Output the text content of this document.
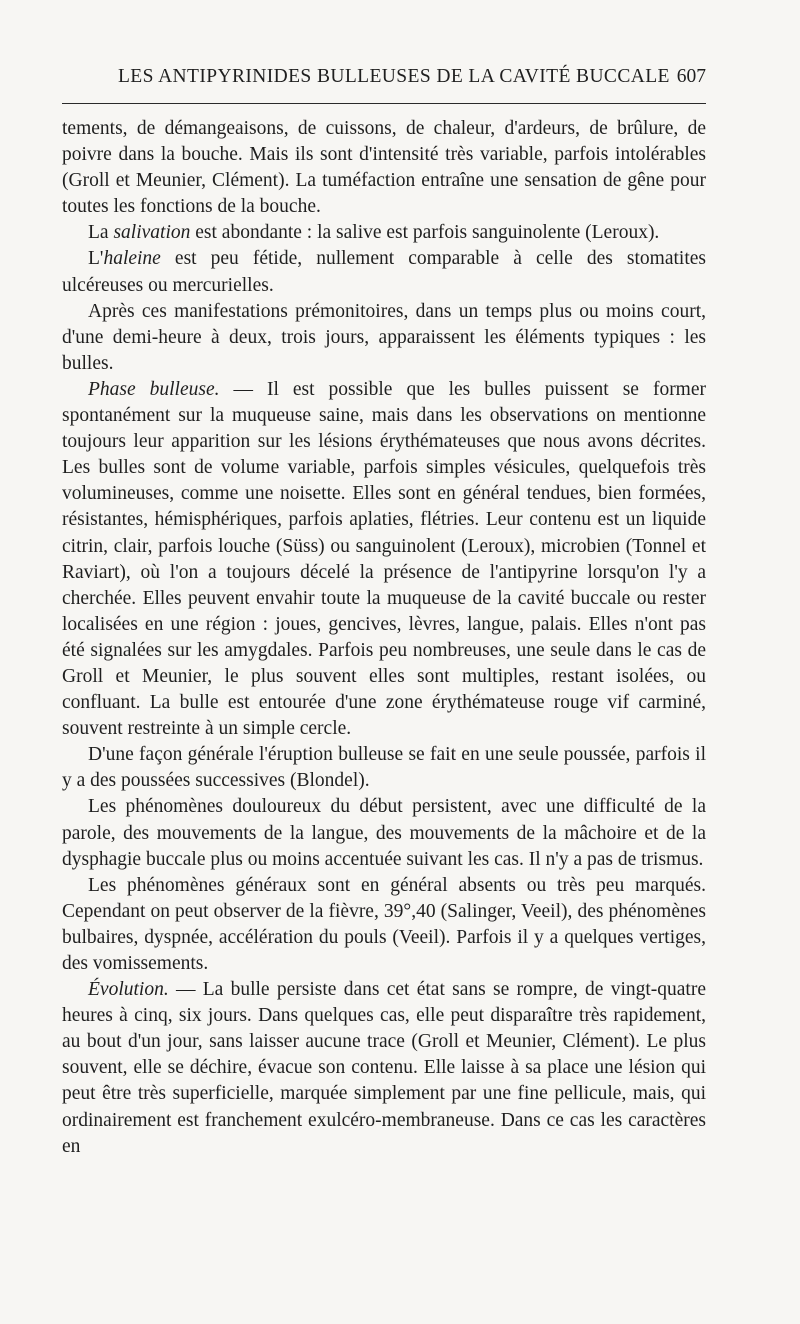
LES ANTIPYRINIDES BULLEUSES DE LA CAVITÉ BUCCALE 607

tements, de démangeaisons, de cuissons, de chaleur, d'ardeurs, de brûlure, de poivre dans la bouche. Mais ils sont d'intensité très variable, parfois intolérables (Groll et Meunier, Clément). La tuméfaction entraîne une sensation de gêne pour toutes les fonctions de la bouche.

La salivation est abondante : la salive est parfois sanguinolente (Leroux).

L'haleine est peu fétide, nullement comparable à celle des stomatites ulcéreuses ou mercurielles.

Après ces manifestations prémonitoires, dans un temps plus ou moins court, d'une demi-heure à deux, trois jours, apparaissent les éléments typiques : les bulles.

Phase bulleuse. — Il est possible que les bulles puissent se former spontanément sur la muqueuse saine, mais dans les observations on mentionne toujours leur apparition sur les lésions érythémateuses que nous avons décrites. Les bulles sont de volume variable, parfois simples vésicules, quelquefois très volumineuses, comme une noisette. Elles sont en général tendues, bien formées, résistantes, hémisphériques, parfois aplaties, flétries. Leur contenu est un liquide citrin, clair, parfois louche (Süss) ou sanguinolent (Leroux), microbien (Tonnel et Raviart), où l'on a toujours décelé la présence de l'antipyrine lorsqu'on l'y a cherchée. Elles peuvent envahir toute la muqueuse de la cavité buccale ou rester localisées en une région : joues, gencives, lèvres, langue, palais. Elles n'ont pas été signalées sur les amygdales. Parfois peu nombreuses, une seule dans le cas de Groll et Meunier, le plus souvent elles sont multiples, restant isolées, ou confluant. La bulle est entourée d'une zone érythémateuse rouge vif carminé, souvent restreinte à un simple cercle.

D'une façon générale l'éruption bulleuse se fait en une seule poussée, parfois il y a des poussées successives (Blondel).

Les phénomènes douloureux du début persistent, avec une difficulté de la parole, des mouvements de la langue, des mouvements de la mâchoire et de la dysphagie buccale plus ou moins accentuée suivant les cas. Il n'y a pas de trismus.

Les phénomènes généraux sont en général absents ou très peu marqués. Cependant on peut observer de la fièvre, 39°,40 (Salinger, Veeil), des phénomènes bulbaires, dyspnée, accélération du pouls (Veeil). Parfois il y a quelques vertiges, des vomissements.

Évolution. — La bulle persiste dans cet état sans se rompre, de vingt-quatre heures à cinq, six jours. Dans quelques cas, elle peut disparaître très rapidement, au bout d'un jour, sans laisser aucune trace (Groll et Meunier, Clément). Le plus souvent, elle se déchire, évacue son contenu. Elle laisse à sa place une lésion qui peut être très superficielle, marquée simplement par une fine pellicule, mais, qui ordinairement est franchement exulcéro-membraneuse. Dans ce cas les caractères en
